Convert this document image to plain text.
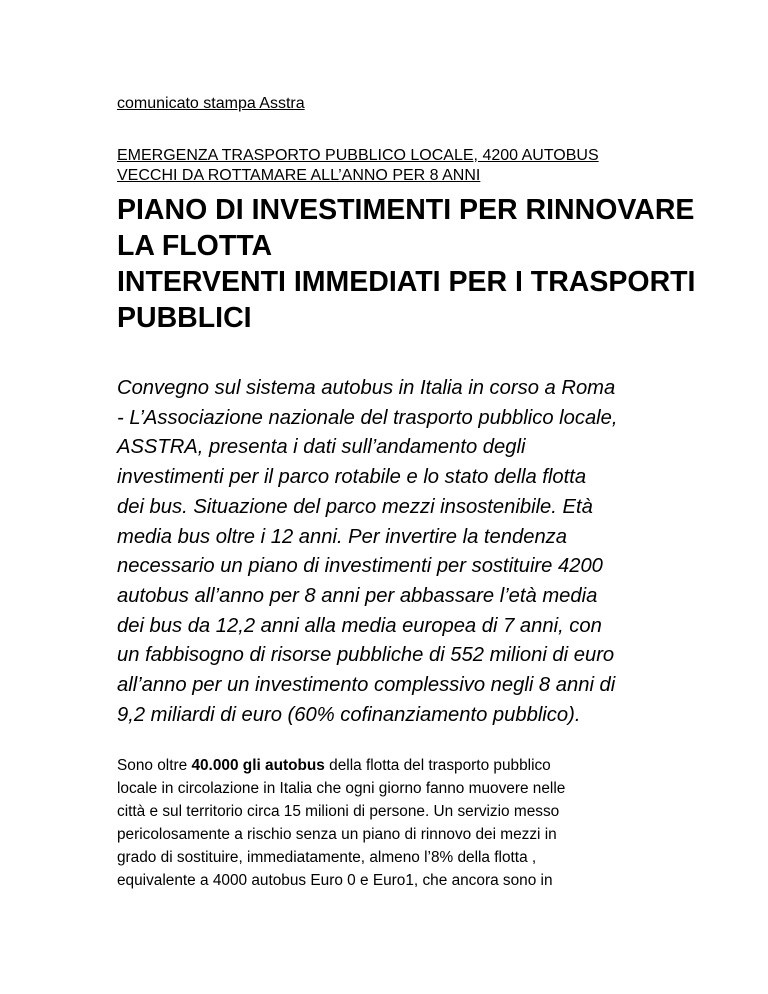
comunicato stampa Asstra

EMERGENZA TRASPORTO PUBBLICO LOCALE, 4200 AUTOBUS
VECCHI DA ROTTAMARE ALL’ANNO PER 8 ANNI
PIANO DI INVESTIMENTI PER RINNOVARE
LA FLOTTA
INTERVENTI IMMEDIATI PER I TRASPORTI
PUBBLICI
Convegno sul sistema autobus in Italia in corso a Roma
- L’Associazione nazionale del trasporto pubblico locale,
ASSTRA, presenta i dati sull’andamento degli
investimenti per il parco rotabile e lo stato della flotta
dei bus. Situazione del parco mezzi insostenibile. Età
media bus oltre i 12 anni. Per invertire la tendenza
necessario un piano di investimenti per sostituire 4200
autobus all’anno per 8 anni per abbassare l’età media
dei bus da 12,2 anni alla media europea di 7 anni, con
un fabbisogno di risorse pubbliche di 552 milioni di euro
all’anno per un investimento complessivo negli 8 anni di
9,2 miliardi di euro (60% cofinanziamento pubblico).
Sono oltre 40.000 gli autobus della flotta del trasporto pubblico
locale in circolazione in Italia che ogni giorno fanno muovere nelle
città e sul territorio circa 15 milioni di persone. Un servizio messo
pericolosamente a rischio senza un piano di rinnovo dei mezzi in
grado di sostituire, immediatamente, almeno l’8% della flotta ,
equivalente a 4000 autobus Euro 0 e Euro1, che ancora sono in
